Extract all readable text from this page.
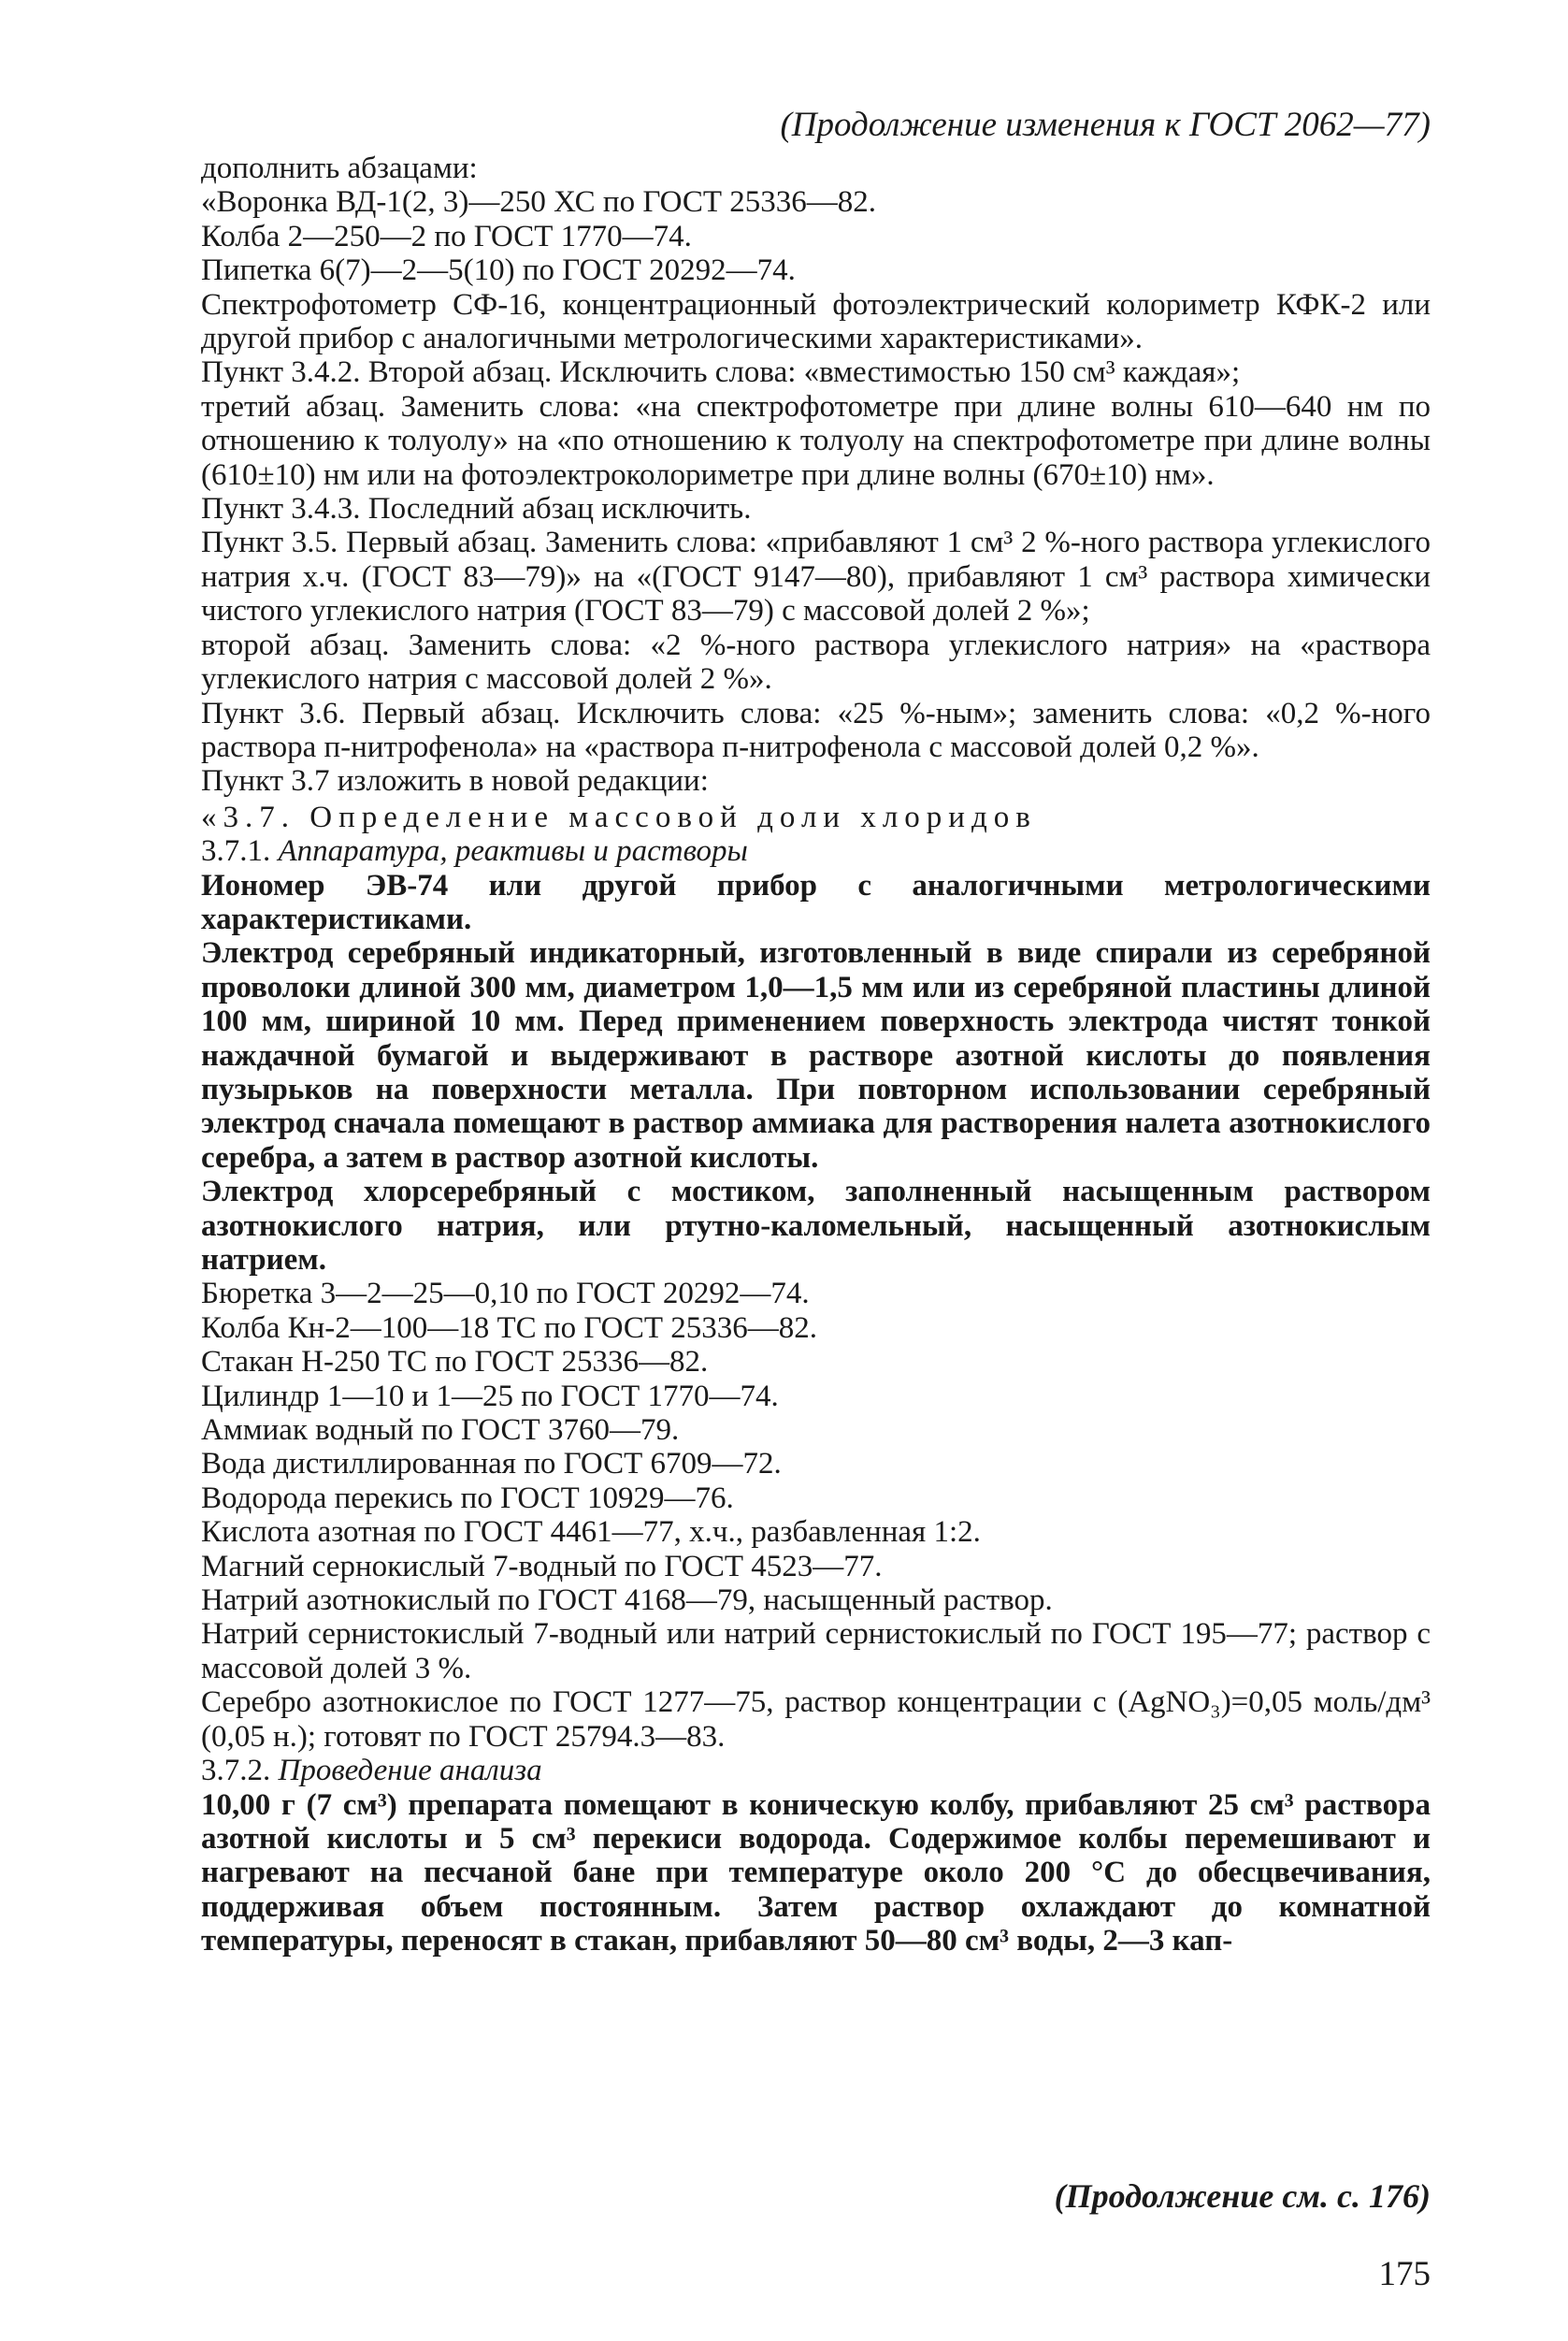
(Продолжение изменения к ГОСТ 2062—77)

дополнить абзацами:

«Воронка ВД-1(2, 3)—250 ХС по ГОСТ 25336—82.

Колба 2—250—2 по ГОСТ 1770—74.

Пипетка 6(7)—2—5(10) по ГОСТ 20292—74.

Спектрофотометр СФ-16, концентрационный фотоэлектрический колориметр КФК-2 или другой прибор с аналогичными метрологическими характеристиками».

Пункт 3.4.2. Второй абзац. Исключить слова: «вместимостью 150 см³ каждая»;

третий абзац. Заменить слова: «на спектрофотометре при длине волны 610—640 нм по отношению к толуолу» на «по отношению к толуолу на спектрофотометре при длине волны (610±10) нм или на фотоэлектроколориметре при длине волны (670±10) нм».

Пункт 3.4.3. Последний абзац исключить.

Пункт 3.5. Первый абзац. Заменить слова: «прибавляют 1 см³ 2 %-ного раствора углекислого натрия х.ч. (ГОСТ 83—79)» на «(ГОСТ 9147—80), прибавляют 1 см³ раствора химически чистого углекислого натрия (ГОСТ 83—79) с массовой долей 2 %»;

второй абзац. Заменить слова: «2 %-ного раствора углекислого натрия» на «раствора углекислого натрия с массовой долей 2 %».

Пункт 3.6. Первый абзац. Исключить слова: «25 %-ным»; заменить слова: «0,2 %-ного раствора п-нитрофенола» на «раствора п-нитрофенола с массовой долей 0,2 %».

Пункт 3.7 изложить в новой редакции:

«3.7. Определение массовой доли хлоридов

3.7.1. Аппаратура, реактивы и растворы

Иономер ЭВ-74 или другой прибор с аналогичными метрологическими характеристиками.

Электрод серебряный индикаторный, изготовленный в виде спирали из серебряной проволоки длиной 300 мм, диаметром 1,0—1,5 мм или из серебряной пластины длиной 100 мм, шириной 10 мм. Перед применением поверхность электрода чистят тонкой наждачной бумагой и выдерживают в растворе азотной кислоты до появления пузырьков на поверхности металла. При повторном использовании серебряный электрод сначала помещают в раствор аммиака для растворения налета азотнокислого серебра, а затем в раствор азотной кислоты.

Электрод хлорсеребряный с мостиком, заполненный насыщенным раствором азотнокислого натрия, или ртутно-каломельный, насыщенный азотнокислым натрием.

Бюретка 3—2—25—0,10 по ГОСТ 20292—74.

Колба Кн-2—100—18 ТС по ГОСТ 25336—82.

Стакан Н-250 ТС по ГОСТ 25336—82.

Цилиндр 1—10 и 1—25 по ГОСТ 1770—74.

Аммиак водный по ГОСТ 3760—79.

Вода дистиллированная по ГОСТ 6709—72.

Водорода перекись по ГОСТ 10929—76.

Кислота азотная по ГОСТ 4461—77, х.ч., разбавленная 1:2.

Магний сернокислый 7-водный по ГОСТ 4523—77.

Натрий азотнокислый по ГОСТ 4168—79, насыщенный раствор.

Натрий сернистокислый 7-водный или натрий сернистокислый по ГОСТ 195—77; раствор с массовой долей 3 %.

Серебро азотнокислое по ГОСТ 1277—75, раствор концентрации c (AgNO₃)=0,05 моль/дм³ (0,05 н.); готовят по ГОСТ 25794.3—83.

3.7.2. Проведение анализа

10,00 г (7 см³) препарата помещают в коническую колбу, прибавляют 25 см³ раствора азотной кислоты и 5 см³ перекиси водорода. Содержимое колбы перемешивают и нагревают на песчаной бане при температуре около 200 °С до обесцвечивания, поддерживая объем постоянным. Затем раствор охлаждают до комнатной температуры, переносят в стакан, прибавляют 50—80 см³ воды, 2—3 кап-

(Продолжение см. с. 176)
175
